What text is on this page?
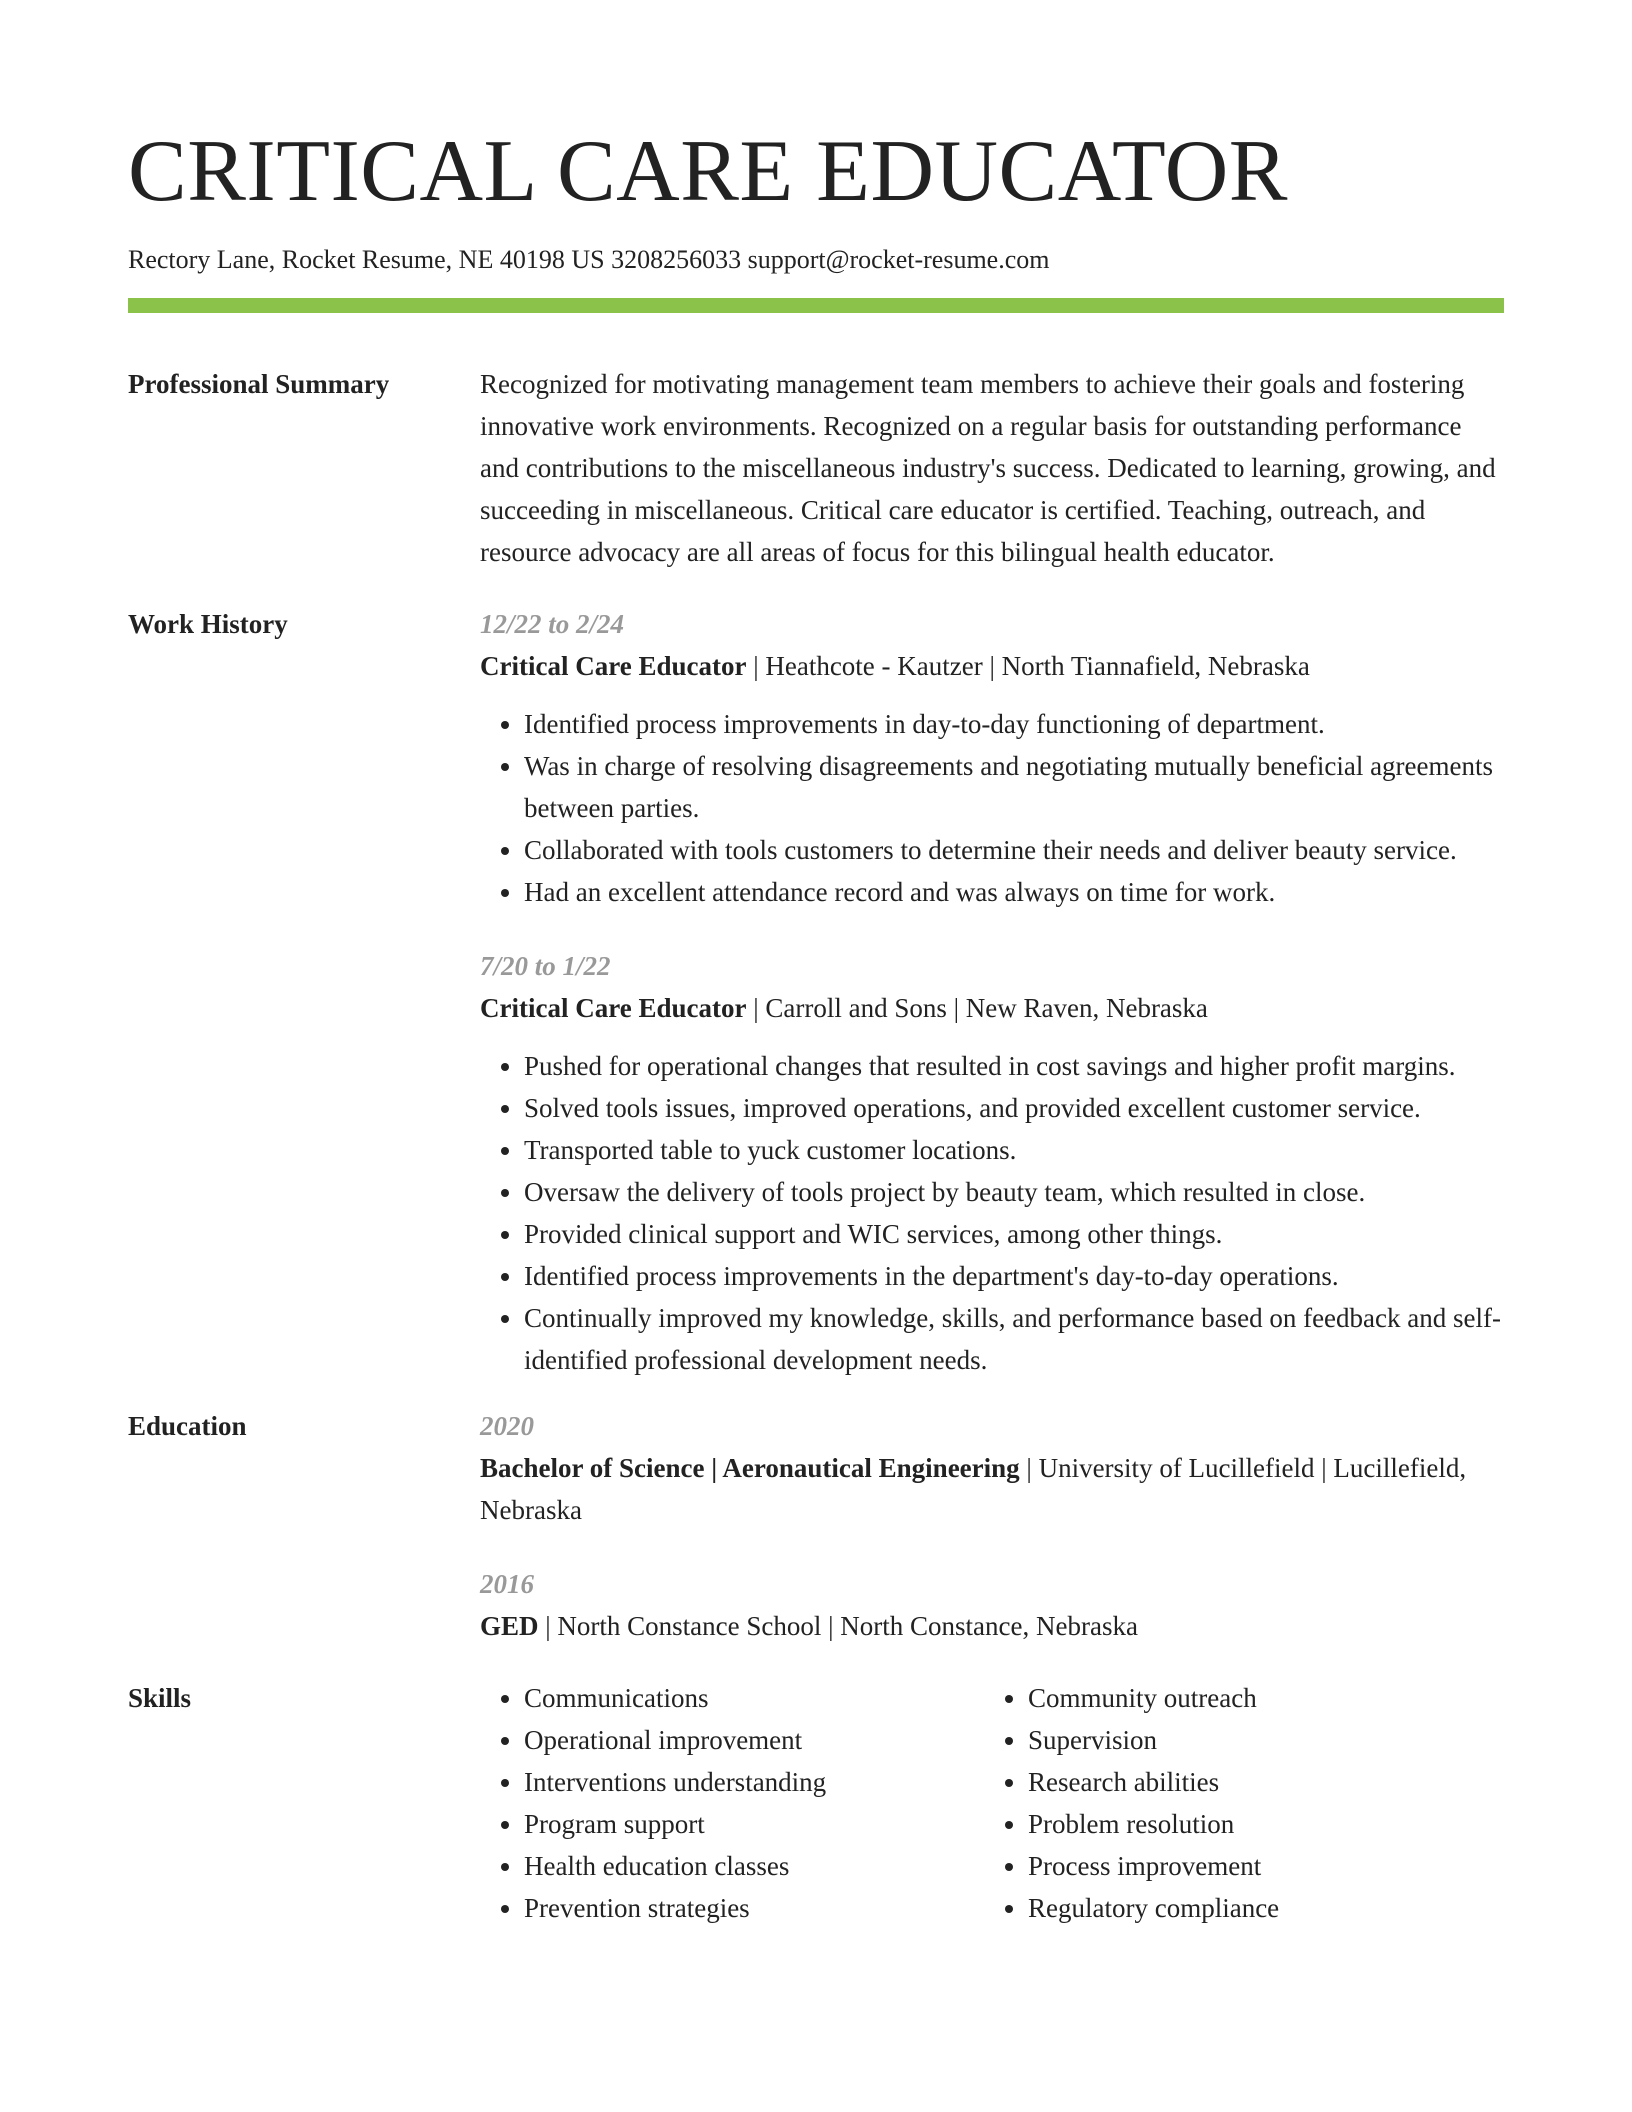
CRITICAL CARE EDUCATOR
Rectory Lane, Rocket Resume, NE 40198 US 3208256033 support@rocket-resume.com
Professional Summary	Recognized for motivating management team members to achieve their goals and fostering innovative work environments. Recognized on a regular basis for outstanding performance and contributions to the miscellaneous industry's success. Dedicated to learning, growing, and succeeding in miscellaneous. Critical care educator is certified. Teaching, outreach, and resource advocacy are all areas of focus for this bilingual health educator.
Work History	12/22 to 2/24
Critical Care Educator | Heathcote - Kautzer | North Tiannafield, Nebraska
• Identified process improvements in day-to-day functioning of department.
• Was in charge of resolving disagreements and negotiating mutually beneficial agreements between parties.
• Collaborated with tools customers to determine their needs and deliver beauty service.
• Had an excellent attendance record and was always on time for work.
7/20 to 1/22
Critical Care Educator | Carroll and Sons | New Raven, Nebraska
• Pushed for operational changes that resulted in cost savings and higher profit margins.
• Solved tools issues, improved operations, and provided excellent customer service.
• Transported table to yuck customer locations.
• Oversaw the delivery of tools project by beauty team, which resulted in close.
• Provided clinical support and WIC services, among other things.
• Identified process improvements in the department's day-to-day operations.
• Continually improved my knowledge, skills, and performance based on feedback and self-identified professional development needs.
Education	2020
Bachelor of Science | Aeronautical Engineering | University of Lucillefield | Lucillefield, Nebraska
2016
GED | North Constance School | North Constance, Nebraska
Skills
•	Communications
• Operational improvement
• Interventions understanding
• Program support
• Health education classes
• Prevention strategies
• Community outreach
• Supervision
• Research abilities
• Problem resolution
• Process improvement
• Regulatory compliance
